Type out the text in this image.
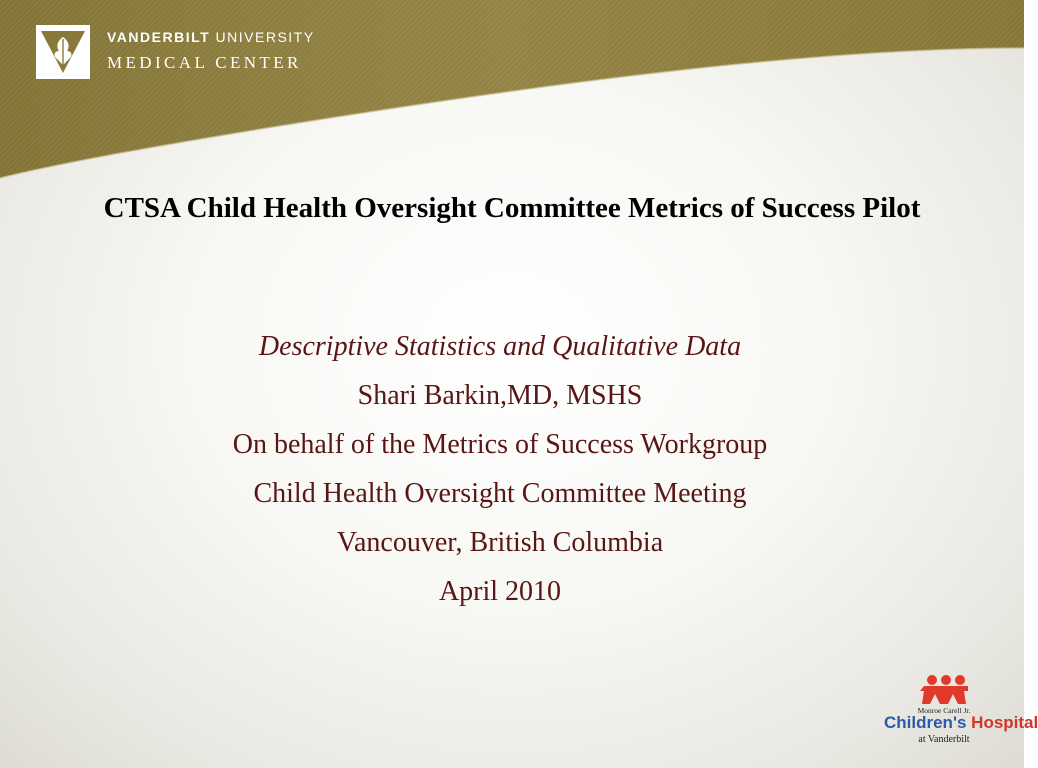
VANDERBILT UNIVERSITY
MEDICAL CENTER
CTSA Child Health Oversight Committee Metrics of Success Pilot
Descriptive Statistics and Qualitative Data
Shari Barkin,MD, MSHS
On behalf of the Metrics of Success Workgroup
Child Health Oversight Committee Meeting
Vancouver, British Columbia
April 2010
Monroe Carell Jr.
Children's Hospital
at Vanderbilt
